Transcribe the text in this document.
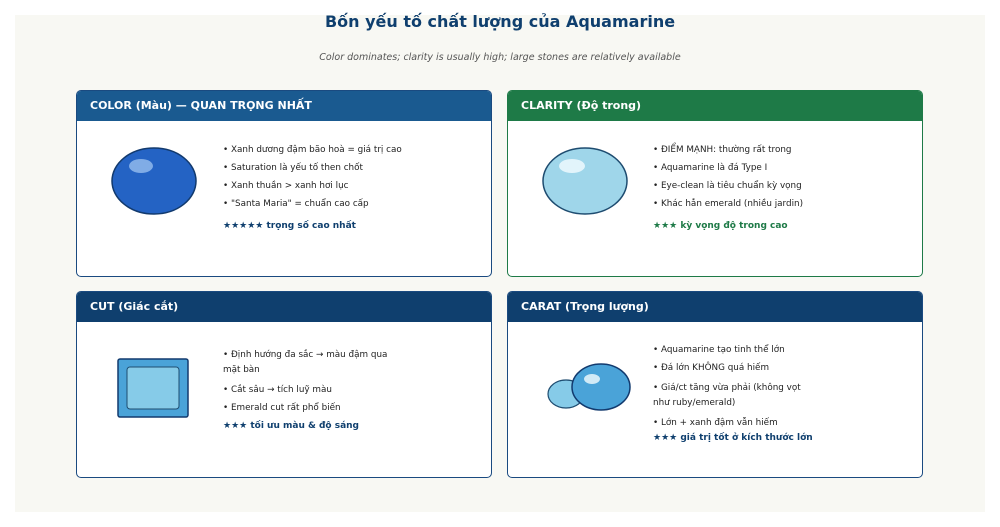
Bốn yếu tố chất lượng của Aquamarine

Color dominates; clarity is usually high; large stones are relatively available

COLOR (Màu) — QUAN TRỌNG NHẤT
• Xanh dương đậm bão hoà = giá trị cao
• Saturation là yếu tố then chốt
• Xanh thuần > xanh hơi lục
• "Santa Maria" = chuẩn cao cấp
★★★★★ trọng số cao nhất
CLARITY (Độ trong)
• ĐIỂM MẠNH: thường rất trong
• Aquamarine là đá Type I
• Eye-clean là tiêu chuẩn kỳ vọng
• Khác hẳn emerald (nhiều jardin)
★★★ kỳ vọng độ trong cao
CUT (Giác cắt)
• Định hướng đa sắc → màu đậm qua mặt bàn
• Cắt sâu → tích luỹ màu
• Emerald cut rất phổ biến
★★★ tối ưu màu & độ sáng
CARAT (Trọng lượng)
• Aquamarine tạo tinh thể lớn
• Đá lớn KHÔNG quá hiếm
• Giá/ct tăng vừa phải (không vọt như ruby/emerald)
• Lớn + xanh đậm vẫn hiếm
★★★ giá trị tốt ở kích thước lớn
